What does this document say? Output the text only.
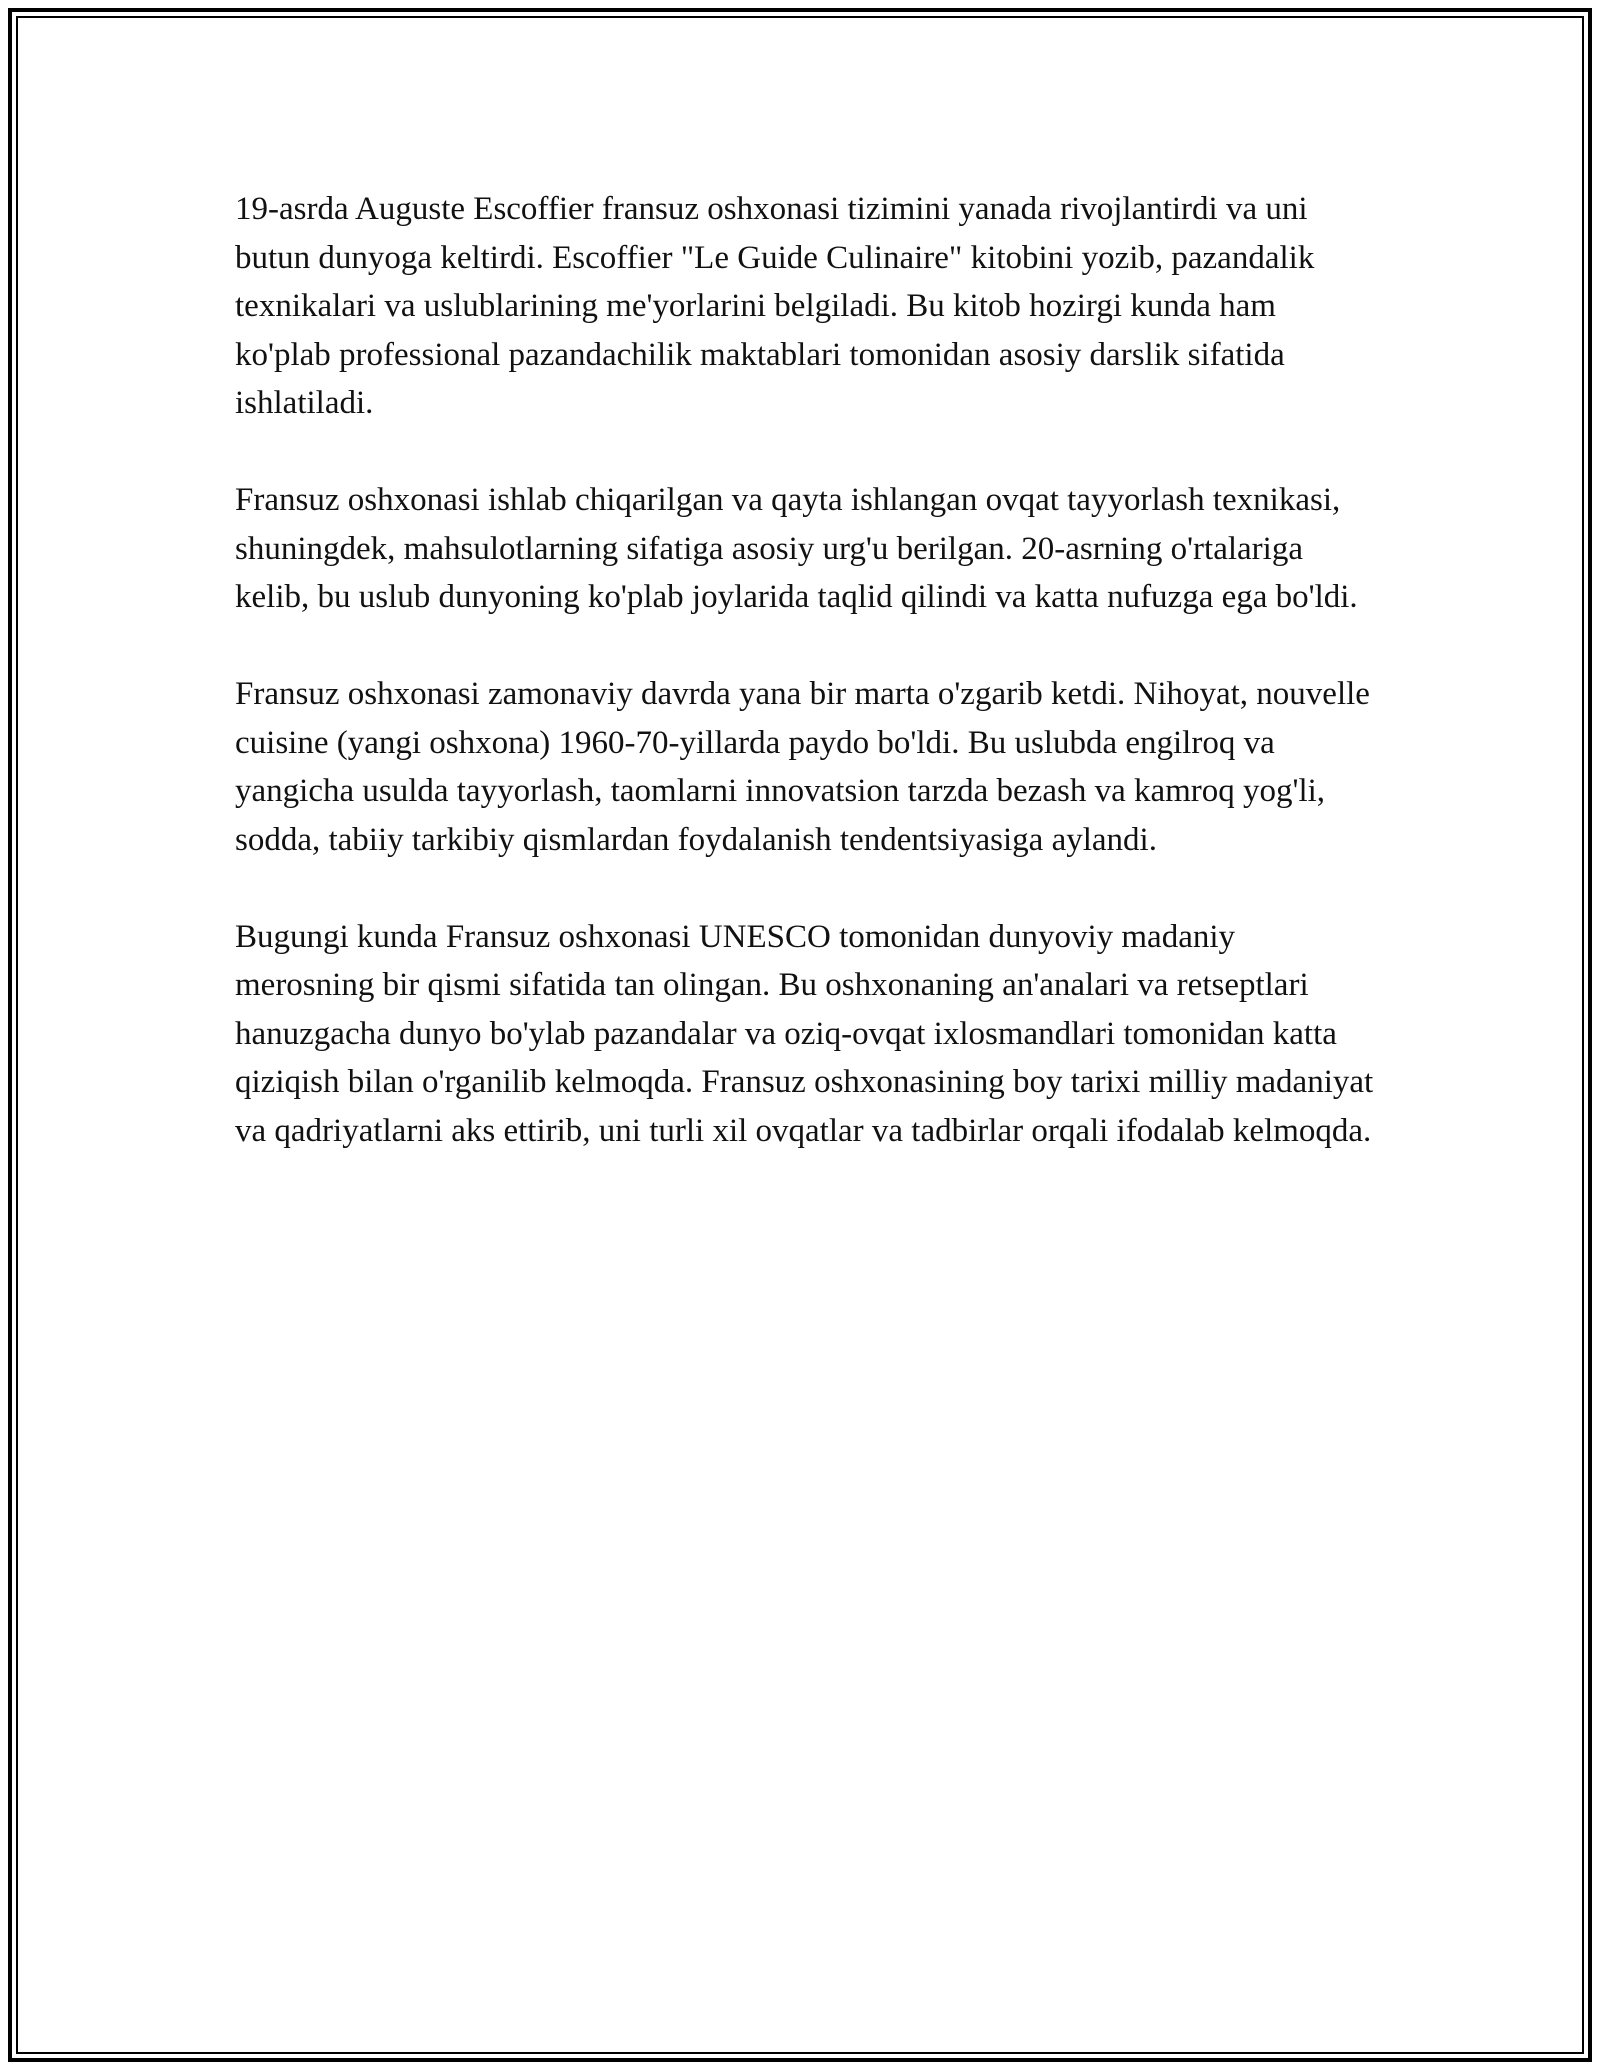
19-asrda Auguste Escoffier fransuz oshxonasi tizimini yanada rivojlantirdi va uni butun dunyoga keltirdi. Escoffier "Le Guide Culinaire" kitobini yozib, pazandalik texnikalari va uslublarining me'yorlarini belgiladi. Bu kitob hozirgi kunda ham ko'plab professional pazandachilik maktablari tomonidan asosiy darslik sifatida ishlatiladi.

Fransuz oshxonasi ishlab chiqarilgan va qayta ishlangan ovqat tayyorlash texnikasi, shuningdek, mahsulotlarning sifatiga asosiy urg'u berilgan. 20-asrning o'rtalariga kelib, bu uslub dunyoning ko'plab joylarida taqlid qilindi va katta nufuzga ega bo'ldi.

Fransuz oshxonasi zamonaviy davrda yana bir marta o'zgarib ketdi. Nihoyat, nouvelle cuisine (yangi oshxona) 1960-70-yillarda paydo bo'ldi. Bu uslubda engilroq va yangicha usulda tayyorlash, taomlarni innovatsion tarzda bezash va kamroq yog'li, sodda, tabiiy tarkibiy qismlardan foydalanish tendentsiyasiga aylandi.

Bugungi kunda Fransuz oshxonasi UNESCO tomonidan dunyoviy madaniy merosning bir qismi sifatida tan olingan. Bu oshxonaning an'analari va retseptlari hanuzgacha dunyo bo'ylab pazandalar va oziq-ovqat ixlosmandlari tomonidan katta qiziqish bilan o'rganilib kelmoqda. Fransuz oshxonasining boy tarixi milliy madaniyat va qadriyatlarni aks ettirib, uni turli xil ovqatlar va tadbirlar orqali ifodalab kelmoqda.
